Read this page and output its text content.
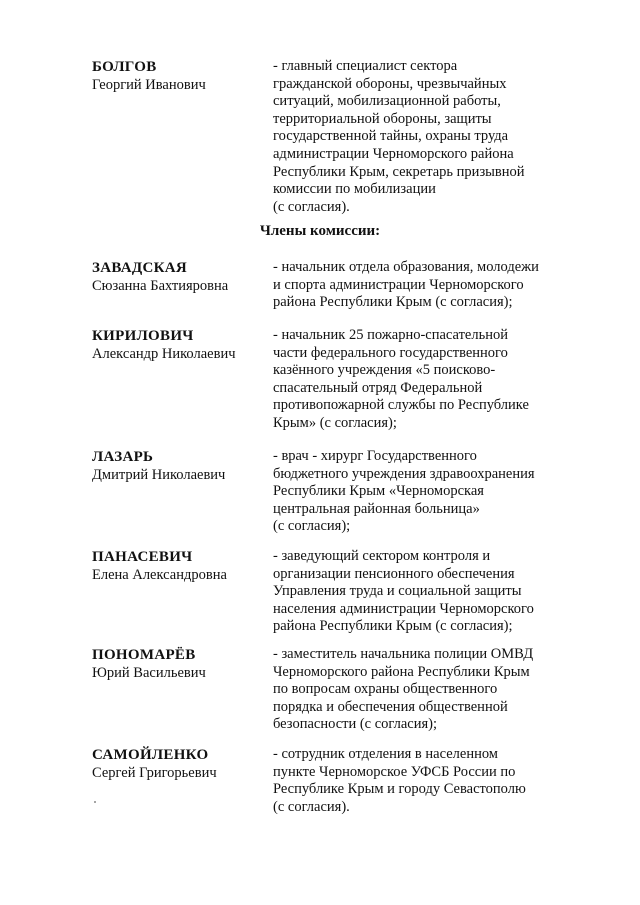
Члены комиссии:
БОЛГОВ
Георгий Иванович
- главный специалист сектора
гражданской обороны, чрезвычайных
ситуаций, мобилизационной работы,
территориальной обороны, защиты
государственной тайны, охраны труда
администрации Черноморского района
Республики Крым, секретарь призывной
комиссии по мобилизации
(с согласия).
ЗАВАДСКАЯ
Сюзанна Бахтияровна
- начальник отдела образования, молодежи
и спорта администрации Черноморского
района Республики Крым (с согласия);
КИРИЛОВИЧ
Александр Николаевич
- начальник 25 пожарно-спасательной
части федерального государственного
казённого учреждения «5 поисково-
спасательный отряд Федеральной
противопожарной службы по Республике
Крым» (с согласия);
ЛАЗАРЬ
Дмитрий Николаевич
- врач - хирург Государственного
бюджетного учреждения здравоохранения
Республики Крым «Черноморская
центральная районная больница»
(с согласия);
ПАНАСЕВИЧ
Елена Александровна
- заведующий сектором контроля и
организации пенсионного обеспечения
Управления труда и социальной защиты
населения администрации Черноморского
района Республики Крым (с согласия);
ПОНОМАРЁВ
Юрий Васильевич
- заместитель начальника полиции ОМВД
Черноморского района Республики Крым
по вопросам охраны общественного
порядка и обеспечения общественной
безопасности (с согласия);
САМОЙЛЕНКО
Сергей Григорьевич
- сотрудник отделения в населенном
пункте Черноморское УФСБ России по
Республике Крым и городу Севастополю
(с согласия).
